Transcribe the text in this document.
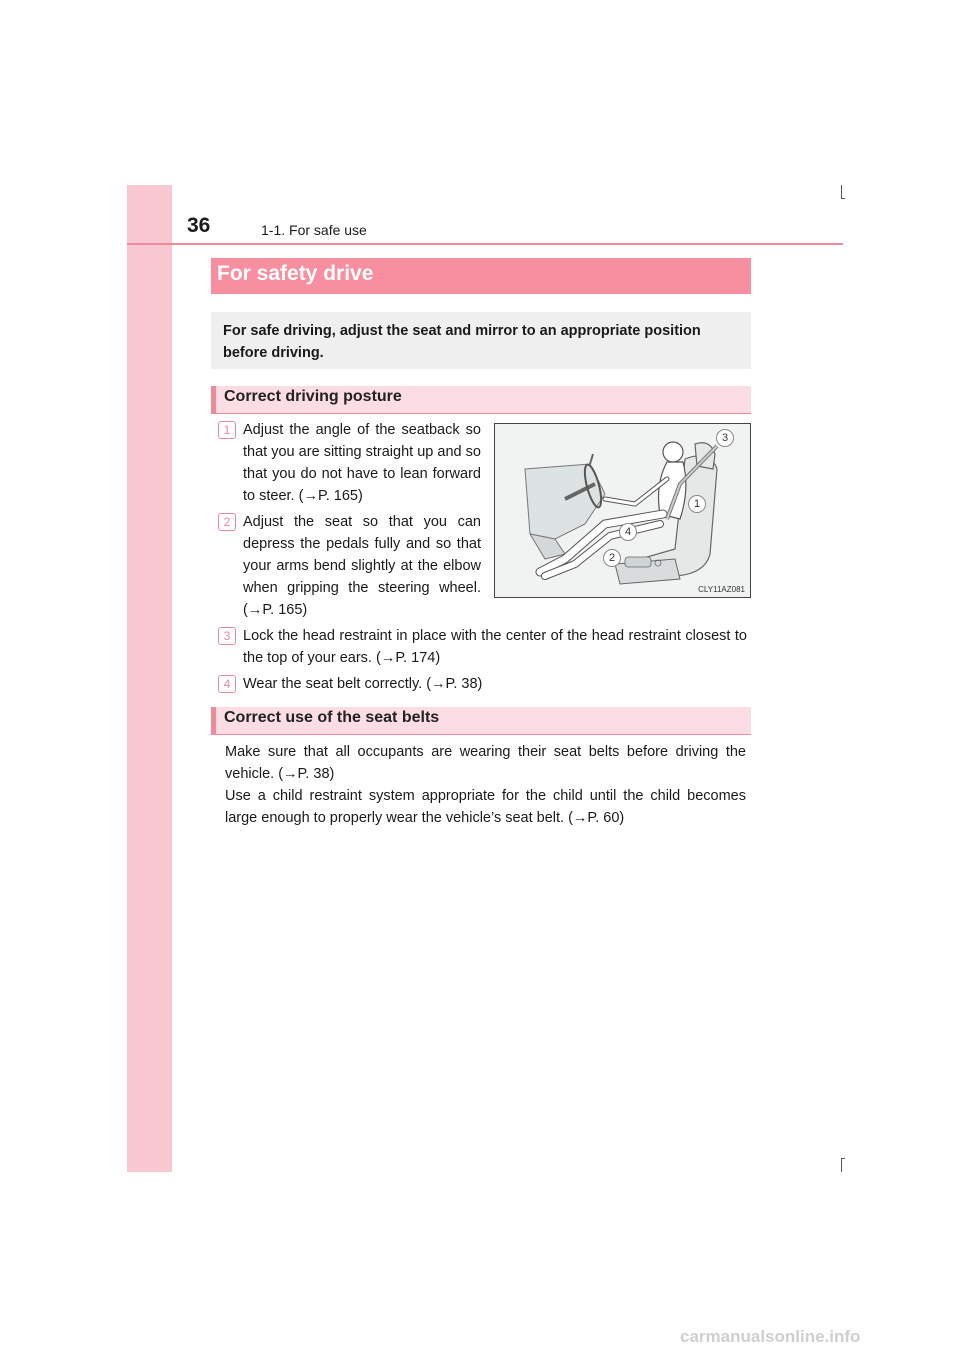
36	1-1. For safe use
For safety drive
For safe driving, adjust the seat and mirror to an appropriate position before driving.
Correct driving posture
1 Adjust the angle of the seatback so that you are sitting straight up and so that you do not have to lean forward to steer. (→P. 165)
2 Adjust the seat so that you can depress the pedals fully and so that your arms bend slightly at the elbow when gripping the steering wheel. (→P. 165)
3
1
4
2
CLY11AZ081
3 Lock the head restraint in place with the center of the head restraint closest to the top of your ears. (→P. 174)
4 Wear the seat belt correctly. (→P. 38)
Correct use of the seat belts
Make sure that all occupants are wearing their seat belts before driving the vehicle. (→P. 38)
Use a child restraint system appropriate for the child until the child becomes large enough to properly wear the vehicle’s seat belt. (→P. 60)
carmanualsonline.info
